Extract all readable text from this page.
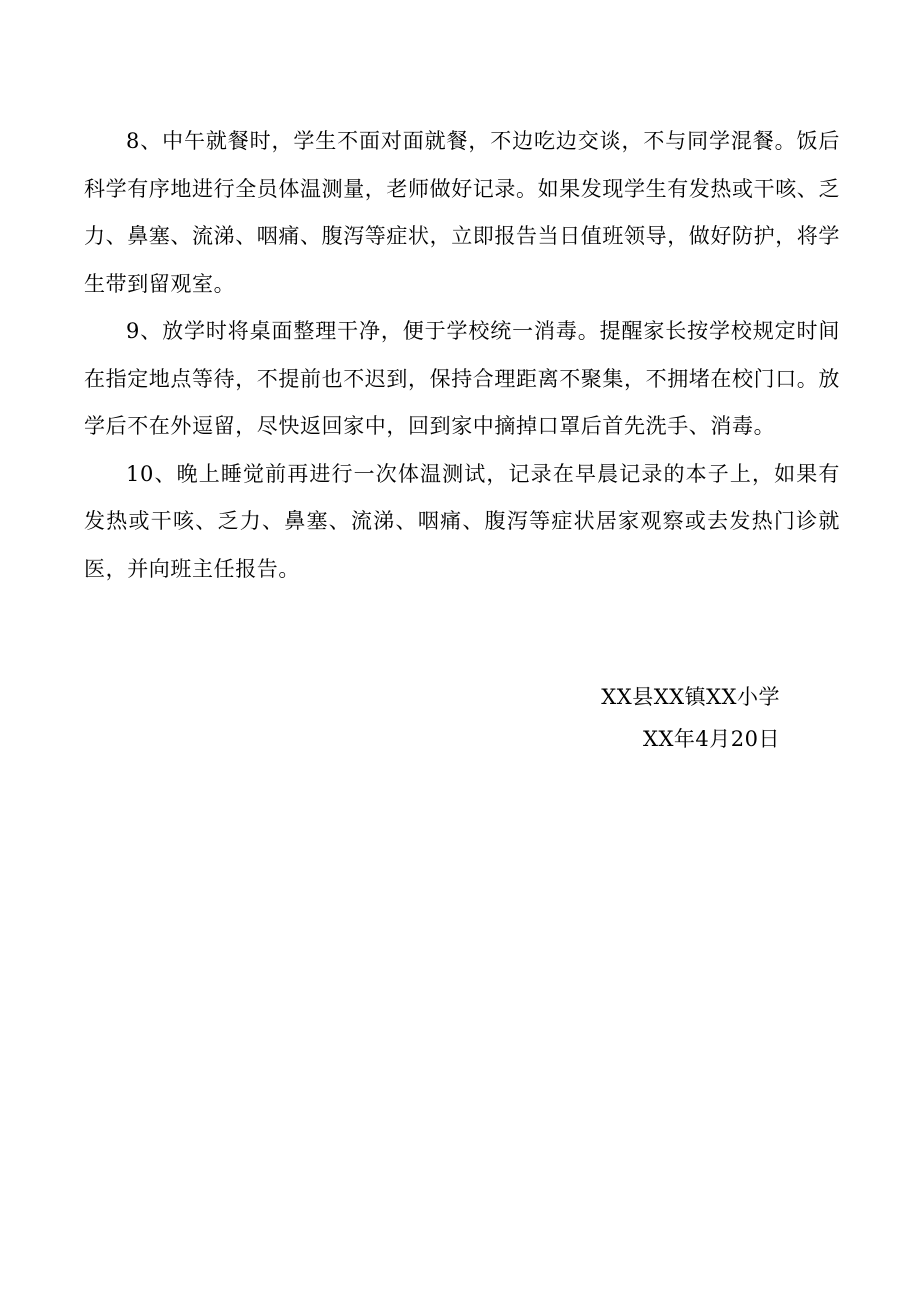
8、中午就餐时，学生不面对面就餐，不边吃边交谈，不与同学混餐。饭后科学有序地进行全员体温测量，老师做好记录。如果发现学生有发热或干咳、乏力、鼻塞、流涕、咽痛、腹泻等症状，立即报告当日值班领导，做好防护，将学生带到留观室。

9、放学时将桌面整理干净，便于学校统一消毒。提醒家长按学校规定时间在指定地点等待，不提前也不迟到，保持合理距离不聚集，不拥堵在校门口。放学后不在外逗留，尽快返回家中，回到家中摘掉口罩后首先洗手、消毒。

10、晚上睡觉前再进行一次体温测试，记录在早晨记录的本子上，如果有发热或干咳、乏力、鼻塞、流涕、咽痛、腹泻等症状居家观察或去发热门诊就医，并向班主任报告。

XX县XX镇XX小学
XX年4月20日
